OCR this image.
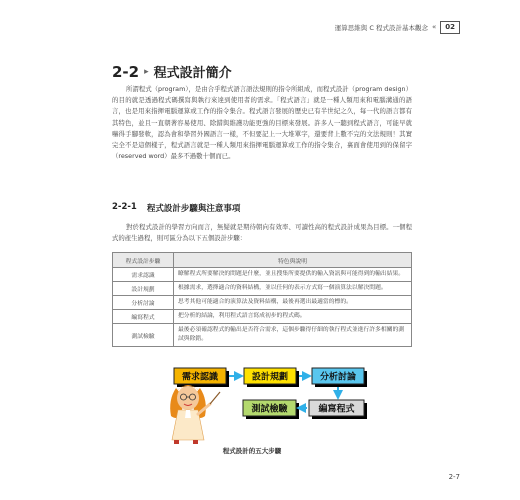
運算思維與 C 程式設計基本觀念 «	02
2-2 ▸ 程式設計簡介

所謂程式（program），是由合乎程式語言語法規則的指令所組成，而程式設計（program design）的目的就是透過程式碼撰寫與執行來達到使用者的需求。「程式語言」就是一種人類用來和電腦溝通的語言，也是用來指揮電腦運算或工作的指令集合。程式語言發展的歷史已有半世紀之久，每一代的語言都有其特色，並且一直朝著容易使用、除錯與維護功能更強的目標來發展。許多人一聽到程式語言，可能早就嚇得手腳發軟，認為會和學習外國語言一樣，不但要記上一大堆單字，還要背上數不完的文法規則！其實完全不是這個樣子，程式語言就是一種人類用來指揮電腦運算或工作的指令集合，裏面會使用到的保留字（reserved word）最多不過數十個而已。

2-2-1 程式設計步驟與注意事項

對於程式設計的學習方向而言，無疑就是期待朝向有效率、可讀性高的程式設計成果為目標。一個程式的產生過程，則可區分為以下五個設計步驟：

程式設計步驟	特色與說明
需求認識	瞭解程式所要解決的問題是什麼，並且搜集所要提供的輸入資訊與可能得到的輸出結果。
設計規劃	根據需求，選擇適合的資料結構，並以任何的表示方式寫一個演算法以解決問題。
分析討論	思考其他可能適合的演算法及資料結構，最後再選出最適當的標的。
編寫程式	把分析的結論，利用程式語言寫成初步的程式碼。
測試檢驗	最後必須確認程式的輸出是否符合需求，這個步驟得仔細的執行程式並進行許多相關的測試與除錯。
需求認識	設計規劃	分析討論
測試檢驗	編寫程式
程式設計的五大步驟
2-7
